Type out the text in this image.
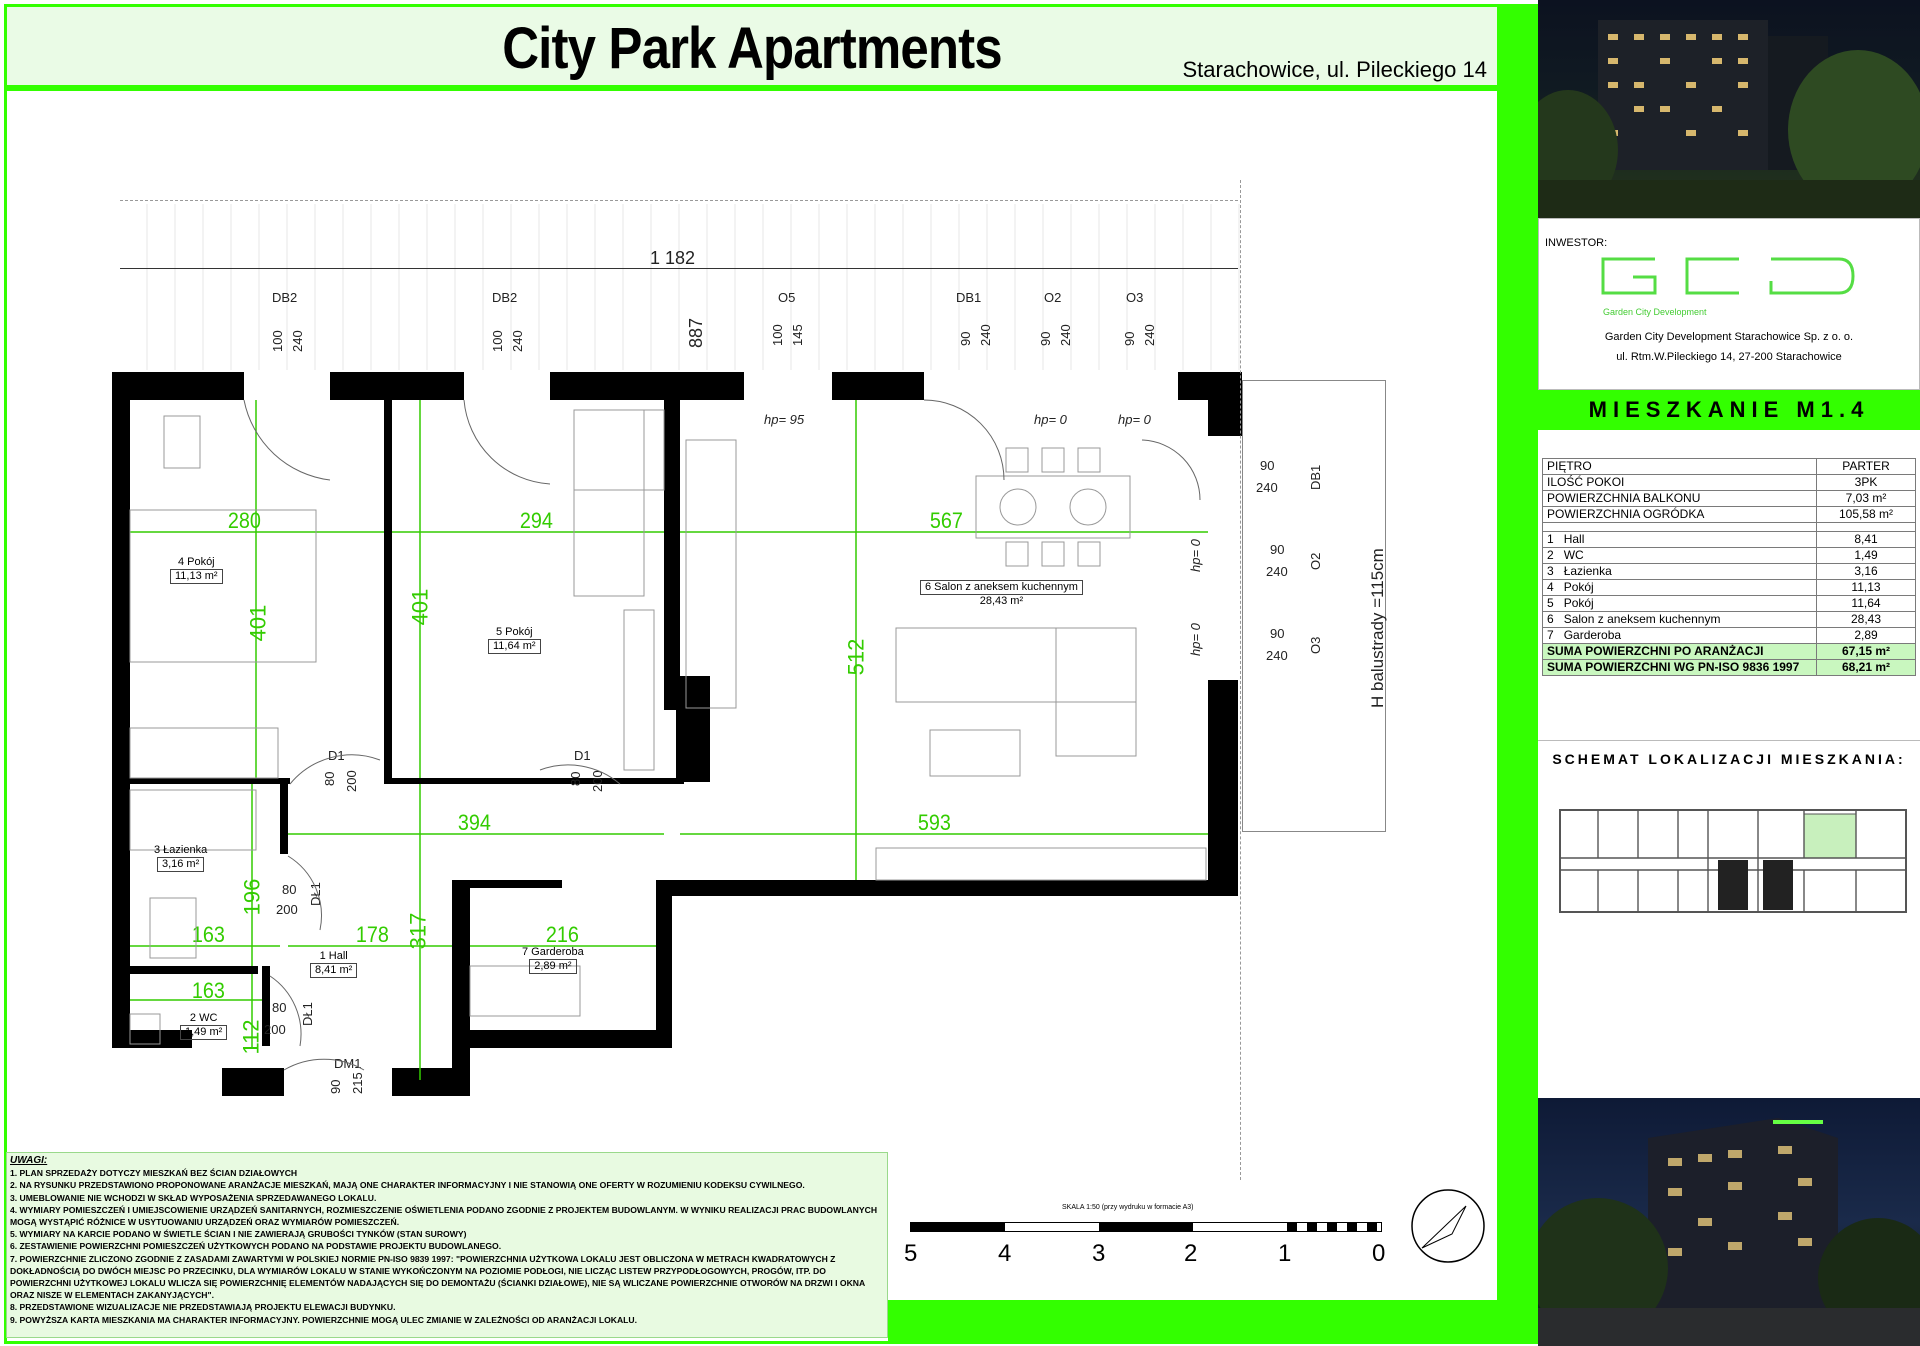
City Park Apartments	Starachowice, ul. Pileckiego 14
INWESTOR:
Garden City Development
Garden City Development Starachowice Sp. z o. o.
ul. Rtm.W.Pileckiego 14, 27-200 Starachowice
MIESZKANIE M1.4
PIĘTRO	PARTER
ILOŚĆ POKOI	3PK
POWIERZCHNIA BALKONU	7,03 m²
POWIERZCHNIA OGRÓDKA	105,58 m²

1 Hall	8,41
2 WC	1,49
3 Łazienka	3,16
4 Pokój	11,13
5 Pokój	11,64
6 Salon z aneksem kuchennym	28,43
7 Garderoba	2,89
SUMA POWIERZCHNI PO ARANŻACJI	67,15 m²
SUMA POWIERZCHNI WG PN-ISO 9836 1997	68,21 m²
SCHEMAT LOKALIZACJI MIESZKANIA:
1 182
887
DB2
100 240
DB2
100 240
O5
100 145
DB1
90 240
O2
90 240
O3
90 240
90
240 DB1
90
240
O2
90
240
O3	H balustrady =115cm
hp= 95	hp= 0	hp= 0
hp= 0
hp= 0
280	294	567
401	401
512
394	593
196
163	178 317	216
163
112
D1
80 200
D1
80 200
DŁ1
80
200
DŁ1
80
200
DM1
90 215
4 Pokój
11,13 m²
5 Pokój
11,64 m²
6 Salon z aneksem kuchennym
28,43 m²
3 Łazienka
3,16 m²
1 Hall
8,41 m²
7 Garderoba
2,89 m²
2 WC
1,49 m²
SKALA 1:50 (przy wydruku w formacie A3)
5	4	3	2	1	0
UWAGI:
1. PLAN SPRZEDAŻY DOTYCZY MIESZKAŃ BEZ ŚCIAN DZIAŁOWYCH
2. NA RYSUNKU PRZEDSTAWIONO PROPONOWANE ARANŻACJE MIESZKAŃ, MAJĄ ONE CHARAKTER INFORMACYJNY I NIE STANOWIĄ ONE OFERTY W ROZUMIENIU KODEKSU CYWILNEGO.
3. UMEBLOWANIE NIE WCHODZI W SKŁAD WYPOSAŻENIA SPRZEDAWANEGO LOKALU.
4. WYMIARY POMIESZCZEŃ I UMIEJSCOWIENIE URZĄDZEŃ SANITARNYCH, ROZMIESZCZENIE OŚWIETLENIA PODANO ZGODNIE Z PROJEKTEM BUDOWLANYM. W WYNIKU REALIZACJI PRAC BUDOWLANYCH MOGĄ WYSTĄPIĆ RÓŻNICE W USYTUOWANIU URZĄDZEŃ ORAZ WYMIARÓW POMIESZCZEŃ.
5. WYMIARY NA KARCIE PODANO W ŚWIETLE ŚCIAN I NIE ZAWIERAJĄ GRUBOŚCI TYNKÓW (STAN SUROWY)
6. ZESTAWIENIE POWIERZCHNI POMIESZCZEŃ UŻYTKOWYCH PODANO NA PODSTAWIE PROJEKTU BUDOWLANEGO.
7. POWIERZCHNIE ZLICZONO ZGODNIE Z ZASADAMI ZAWARTYMI W POLSKIEJ NORMIE PN-ISO 9839 1997: "POWIERZCHNIA UŻYTKOWA LOKALU JEST OBLICZONA W METRACH KWADRATOWYCH Z DOKŁADNOŚCIĄ DO DWÓCH MIEJSC PO PRZECINKU, DLA WYMIARÓW LOKALU W STANIE WYKOŃCZONYM NA POZIOMIE PODŁOGI, NIE LICZĄC LISTEW PRZYPODŁOGOWYCH, PROGÓW, ITP. DO POWIERZCHNI UŻYTKOWEJ LOKALU WLICZA SIĘ POWIERZCHNIĘ ELEMENTÓW NADAJĄCYCH SIĘ DO DEMONTAŻU (ŚCIANKI DZIAŁOWE), NIE SĄ WLICZANE POWIERZCHNIE OTWORÓW NA DRZWI I OKNA ORAZ NISZE W ELEMENTACH ZAKANYJĄCYCH".
8. PRZEDSTAWIONE WIZUALIZACJE NIE PRZEDSTAWIAJĄ PROJEKTU ELEWACJI BUDYNKU.
9. POWYŻSZA KARTA MIESZKANIA MA CHARAKTER INFORMACYJNY. POWIERZCHNIE MOGĄ ULEC ZMIANIE W ZALEŻNOŚCI OD ARANŻACJI LOKALU.
